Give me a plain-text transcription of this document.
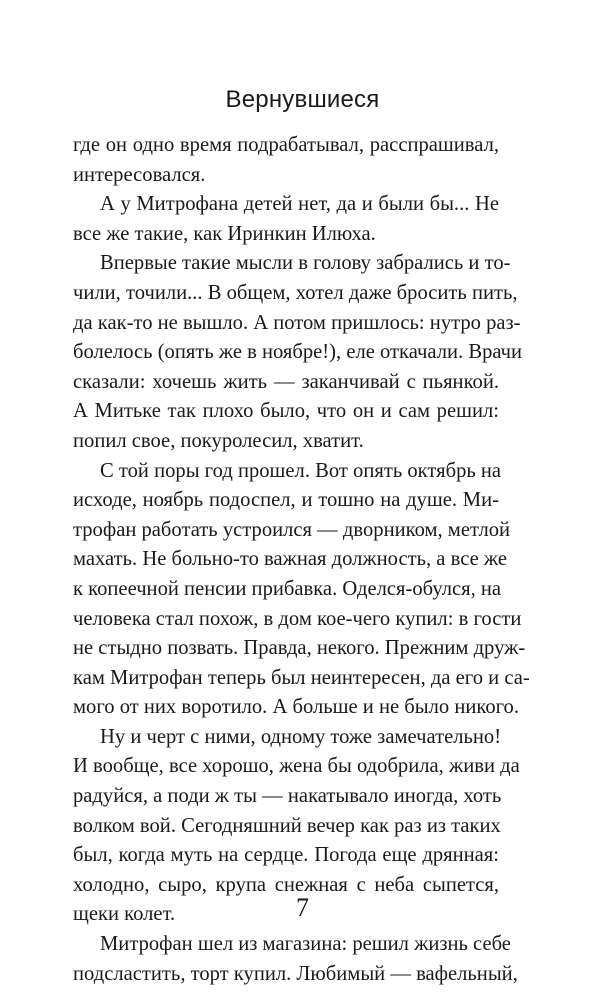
Вернувшиеся
где он одно время подрабатывал, расспрашивал,
интересовался.
А у Митрофана детей нет, да и были бы... Не
все же такие, как Иринкин Илюха.
Впервые такие мысли в голову забрались и то-
чили, точили... В общем, хотел даже бросить пить,
да как-то не вышло. А потом пришлось: нутро раз-
болелось (опять же в ноябре!), еле откачали. Врачи
сказали: хочешь жить — заканчивай с пьянкой.
А Митьке так плохо было, что он и сам решил:
попил свое, покуролесил, хватит.
С той поры год прошел. Вот опять октябрь на
исходе, ноябрь подоспел, и тошно на душе. Ми-
трофан работать устроился — дворником, метлой
махать. Не больно-то важная должность, а все же
к копеечной пенсии прибавка. Оделся-обулся, на
человека стал похож, в дом кое-чего купил: в гости
не стыдно позвать. Правда, некого. Прежним друж-
кам Митрофан теперь был неинтересен, да его и са-
мого от них воротило. А больше и не было никого.
Ну и черт с ними, одному тоже замечательно!
И вообще, все хорошо, жена бы одобрила, живи да
радуйся, а поди ж ты — накатывало иногда, хоть
волком вой. Сегодняшний вечер как раз из таких
был, когда муть на сердце. Погода еще дрянная:
холодно, сыро, крупа снежная с неба сыпется,
щеки колет.
Митрофан шел из магазина: решил жизнь себе
подсластить, торт купил. Любимый — вафельный,
7
